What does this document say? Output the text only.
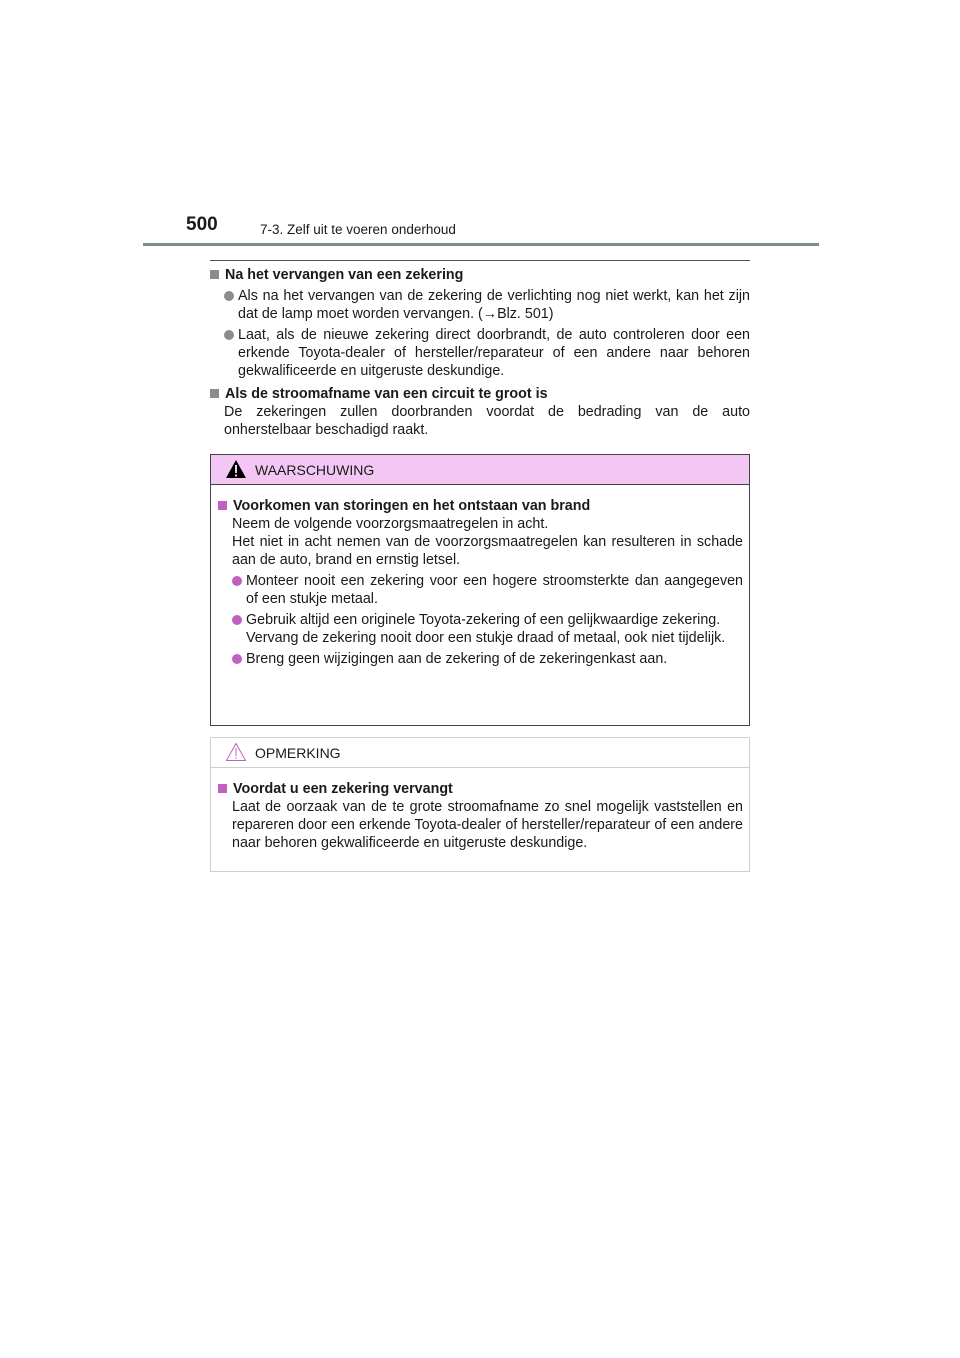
500	7-3. Zelf uit te voeren onderhoud
Na het vervangen van een zekering
Als na het vervangen van de zekering de verlichting nog niet werkt, kan het zijn dat de lamp moet worden vervangen. (→Blz. 501)
Laat, als de nieuwe zekering direct doorbrandt, de auto controleren door een erkende Toyota-dealer of hersteller/reparateur of een andere naar behoren gekwalificeerde en uitgeruste deskundige.
Als de stroomafname van een circuit te groot is
De zekeringen zullen doorbranden voordat de bedrading van de auto onherstelbaar beschadigd raakt.
WAARSCHUWING
Voorkomen van storingen en het ontstaan van brand
Neem de volgende voorzorgsmaatregelen in acht.
Het niet in acht nemen van de voorzorgsmaatregelen kan resulteren in schade aan de auto, brand en ernstig letsel.
Monteer nooit een zekering voor een hogere stroomsterkte dan aangegeven of een stukje metaal.
Gebruik altijd een originele Toyota-zekering of een gelijkwaardige zekering.
Vervang de zekering nooit door een stukje draad of metaal, ook niet tijdelijk.
Breng geen wijzigingen aan de zekering of de zekeringenkast aan.
OPMERKING
Voordat u een zekering vervangt
Laat de oorzaak van de te grote stroomafname zo snel mogelijk vaststellen en repareren door een erkende Toyota-dealer of hersteller/reparateur of een andere naar behoren gekwalificeerde en uitgeruste deskundige.
